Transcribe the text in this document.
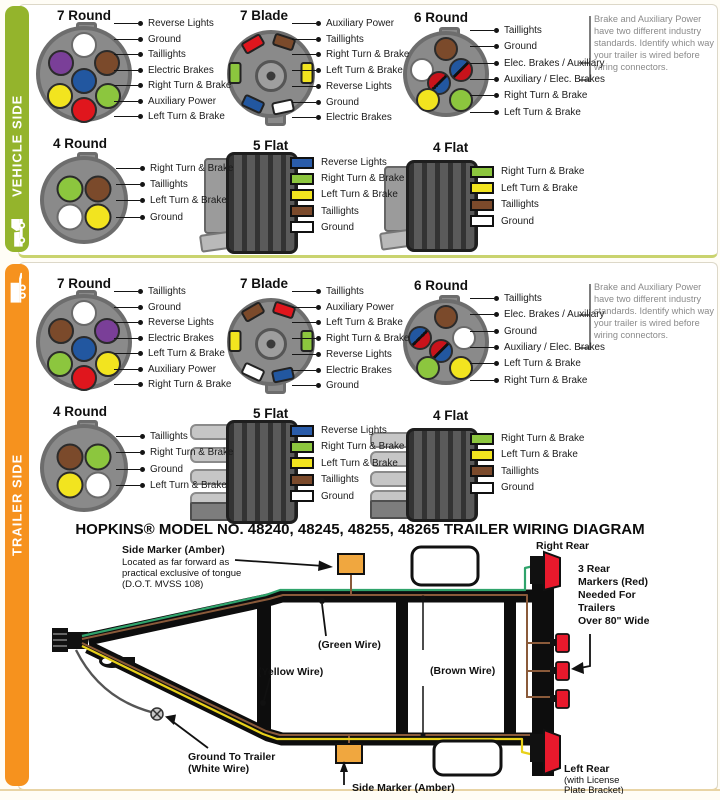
VEHICLE SIDE
TRAILER SIDE
Brake and Auxiliary Power have two different industry standards. Identify which way your trailer is wired before wiring connectors.
Brake and Auxiliary Power have two different industry standards. Identify which way your trailer is wired before wiring connectors.
HOPKINS® MODEL NO. 48240, 48245, 48255, 48265 TRAILER WIRING DIAGRAM
Side Marker (Amber)
Located as far forward as
practical exclusive of tongue
(D.O.T. MVSS 108)
Right Rear
3 Rear
Markers (Red)
Needed For
Trailers
Over 80" Wide
(Green Wire)
(Yellow Wire)	(Brown Wire)
Ground To Trailer
(White Wire)
Side Marker (Amber)
Left Rear
(with License
Plate Bracket)
7 Round
Reverse Lights
Ground
Taillights
Electric Brakes
Right Turn & Brake
Auxiliary Power
Left Turn & Brake
7 Blade
Auxiliary Power
Taillights
Right Turn & Brake
Left Turn & Brake
Reverse Lights
Ground
Electric Brakes
6 Round
Taillights
Ground
Elec. Brakes / Auxiliary
Auxiliary / Elec. Brakes
Right Turn & Brake
Left Turn & Brake
4 Round
Right Turn & Brake
Taillights
Left Turn & Brake
Ground
5 Flat
Reverse Lights
Right Turn & Brake
Left Turn & Brake
Taillights
Ground
4 Flat
Right Turn & Brake
Left Turn & Brake
Taillights
Ground
7 Round
Taillights
Ground
Reverse Lights
Electric Brakes
Left Turn & Brake
Auxiliary Power
Right Turn & Brake
7 Blade
Taillights
Auxiliary Power
Left Turn & Brake
Right Turn & Brake
Reverse Lights
Electric Brakes
Ground
6 Round
Taillights
Elec. Brakes / Auxiliary
Ground
Auxiliary / Elec. Brakes
Left Turn & Brake
Right Turn & Brake
4 Round
Taillights
Right Turn & Brake
Ground
Left Turn & Brake
5 Flat
Reverse Lights
Right Turn & Brake
Left Turn & Brake
Taillights
Ground
4 Flat
Right Turn & Brake
Left Turn & Brake
Taillights
Ground
